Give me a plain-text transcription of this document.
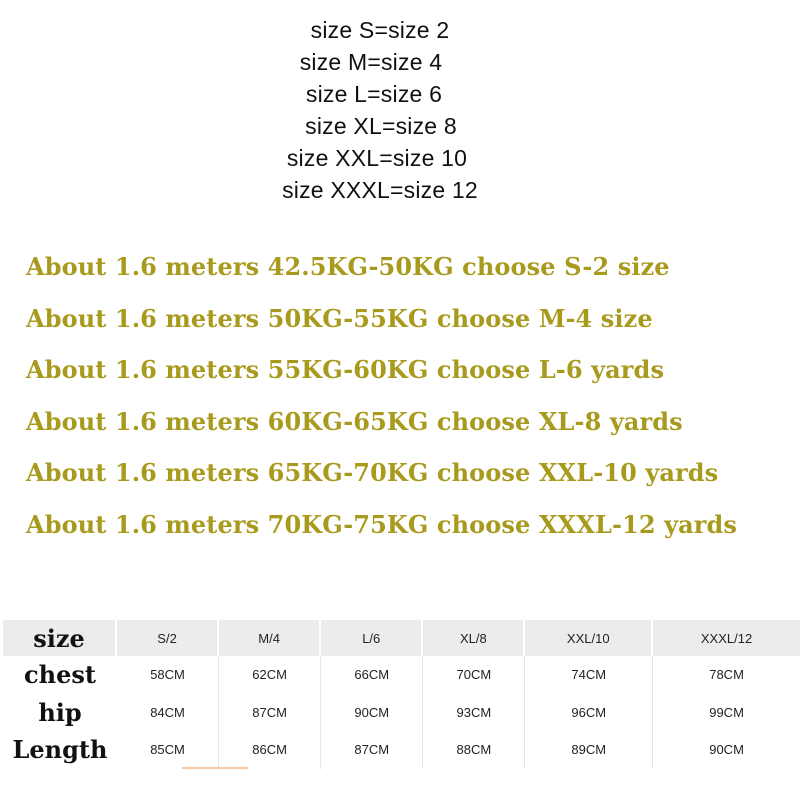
size S=size 2
size M=size 4
size L=size 6
size XL=size 8
size XXL=size 10
size XXXL=size 12
About 1.6 meters 42.5KG-50KG choose S-2 size
About 1.6 meters 50KG-55KG choose M-4 size
About 1.6 meters 55KG-60KG choose L-6 yards
About 1.6 meters 60KG-65KG choose XL-8 yards
About 1.6 meters 65KG-70KG choose XXL-10 yards
About 1.6 meters 70KG-75KG choose XXXL-12 yards
size	S/2	M/4	L/6	XL/8	XXL/10	XXXL/12
chest	58CM	62CM	66CM	70CM	74CM	78CM
hip	84CM	87CM	90CM	93CM	96CM	99CM
Length	85CM	86CM	87CM	88CM	89CM	90CM
